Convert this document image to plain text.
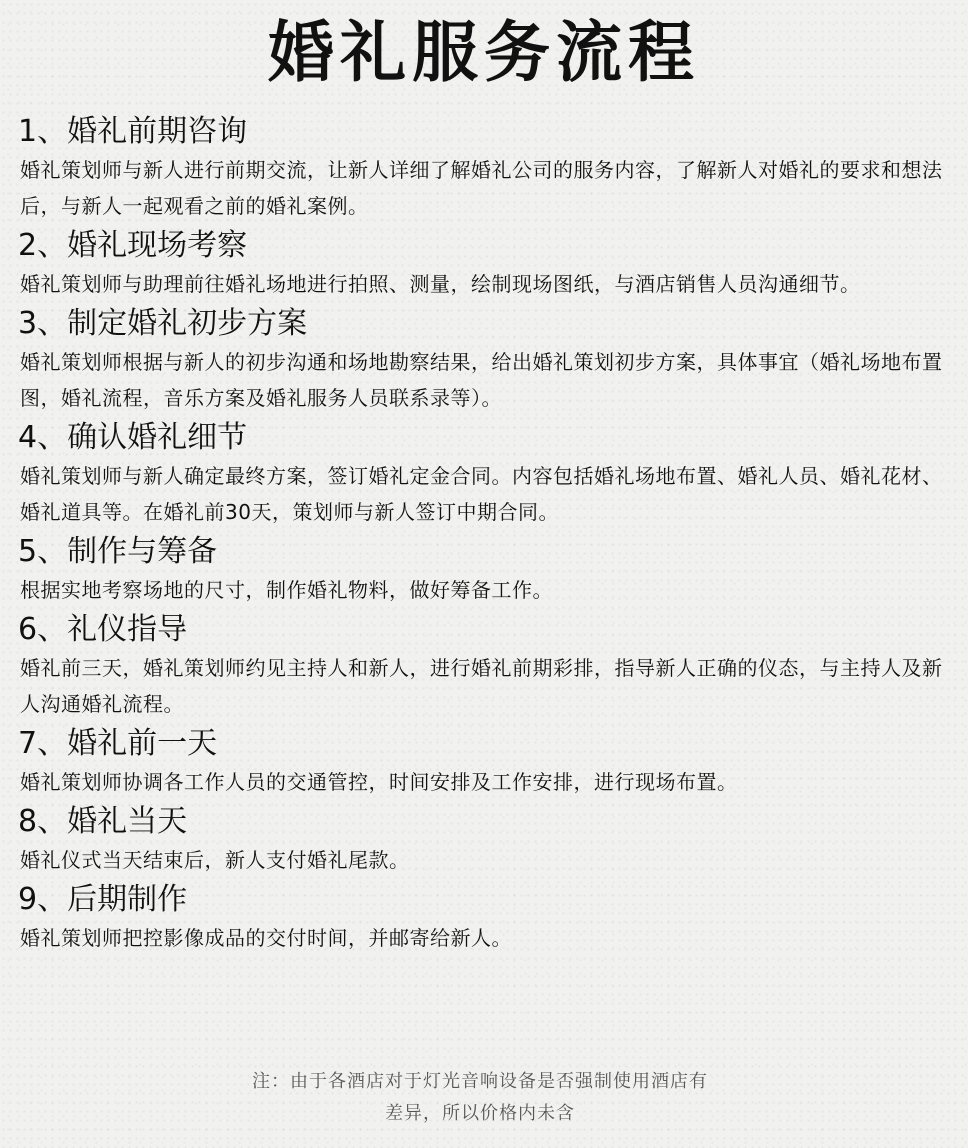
婚礼服务流程

1、婚礼前期咨询

婚礼策划师与新人进行前期交流，让新人详细了解婚礼公司的服务内容，了解新人对婚礼的要求和想法后，与新人一起观看之前的婚礼案例。

2、婚礼现场考察

婚礼策划师与助理前往婚礼场地进行拍照、测量，绘制现场图纸，与酒店销售人员沟通细节。

3、制定婚礼初步方案

婚礼策划师根据与新人的初步沟通和场地勘察结果，给出婚礼策划初步方案，具体事宜（婚礼场地布置图，婚礼流程，音乐方案及婚礼服务人员联系录等）。

4、确认婚礼细节

婚礼策划师与新人确定最终方案，签订婚礼定金合同。内容包括婚礼场地布置、婚礼人员、婚礼花材、婚礼道具等。在婚礼前30天，策划师与新人签订中期合同。

5、制作与筹备

根据实地考察场地的尺寸，制作婚礼物料，做好筹备工作。

6、礼仪指导

婚礼前三天，婚礼策划师约见主持人和新人，进行婚礼前期彩排，指导新人正确的仪态，与主持人及新人沟通婚礼流程。

7、婚礼前一天

婚礼策划师协调各工作人员的交通管控，时间安排及工作安排，进行现场布置。

8、婚礼当天

婚礼仪式当天结束后，新人支付婚礼尾款。

9、后期制作

婚礼策划师把控影像成品的交付时间，并邮寄给新人。

注：由于各酒店对于灯光音响设备是否强制使用酒店有
差异，所以价格内未含
